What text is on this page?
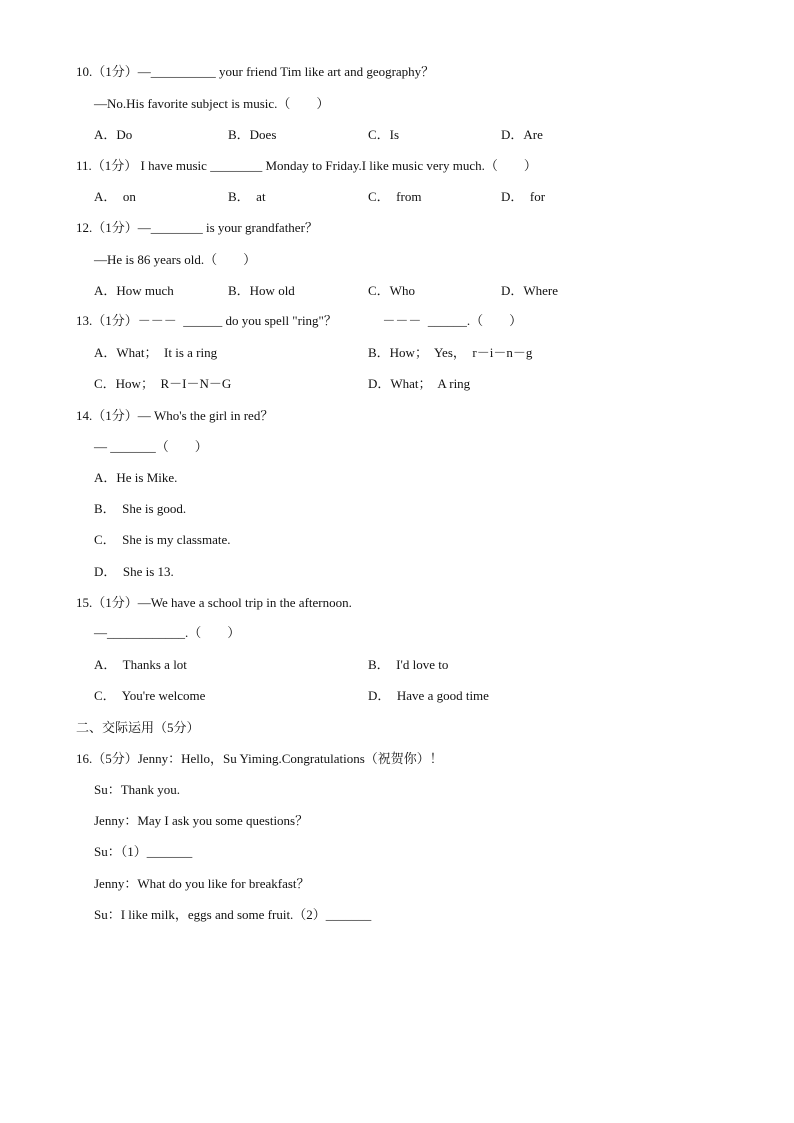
10.（1分）—__________ your friend Tim like art and geography？
—No.His favorite subject is music.（　　）
A．Do	B．Does	C．Is	D．Are
11.（1分） I have music ________ Monday to Friday.I like music very much.（　　）
A．  on	B．  at	C．  from	D．  for
12.（1分）—________ is your grandfather？
—He is 86 years old.（　　）
A．How much	B．How old	C．Who	D．Where
13.（1分）－－－  ______ do you spell "ring"？              －－－  ______.（　　）
A．What；  It is a ring	B．How；  Yes，  r－i－n－g
C．How；  R－I－N－G	D．What；  A ring
14.（1分）— Who's the girl in red？
— _______（　　）
A．He is Mike.
B．  She is good.
C．  She is my classmate.
D．  She is 13.
15.（1分）—We have a school trip in the afternoon.
—____________.（　　）
A．  Thanks a lot	B．  I'd love to
C．  You're welcome	D．  Have a good time
二、交际运用（5分）
16.（5分）Jenny：Hello，Su Yiming.Congratulations（祝贺你）！
Su：Thank you.
Jenny：May I ask you some questions？
Su：（1）_______
Jenny：What do you like for breakfast？
Su：I like milk，eggs and some fruit.（2）_______
